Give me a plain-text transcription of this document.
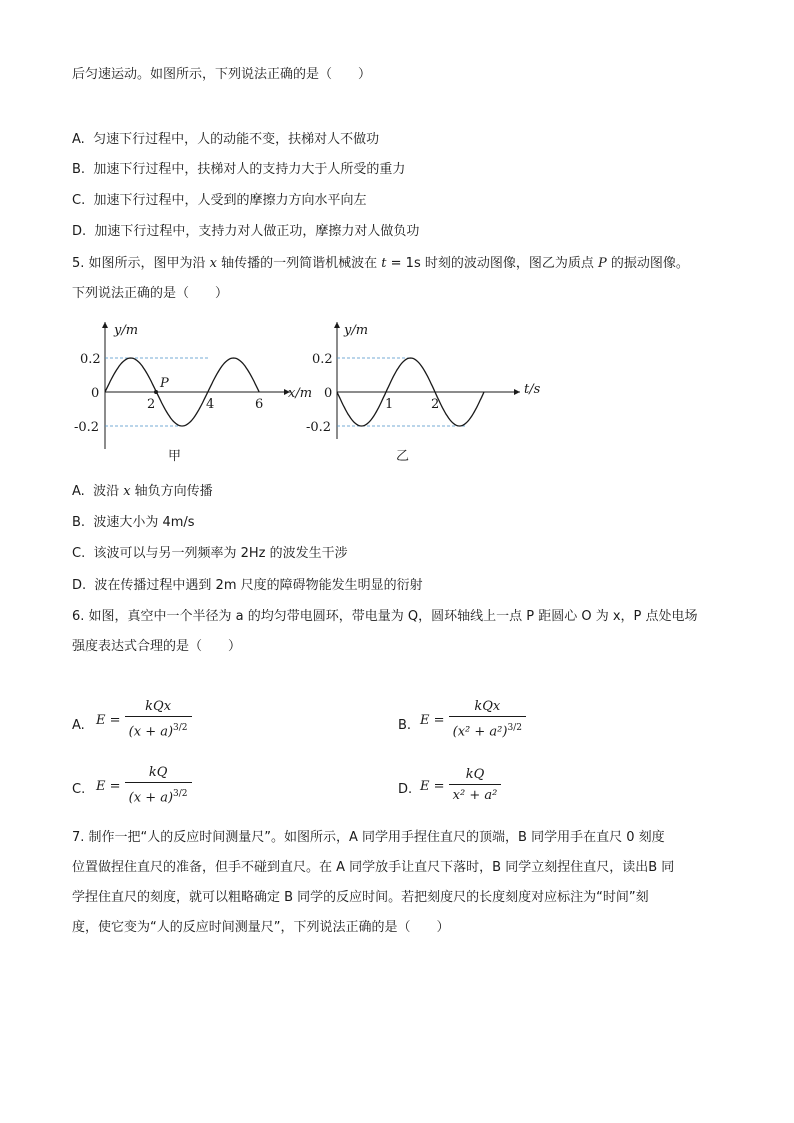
后匀速运动。如图所示，下列说法正确的是（　　）
A. 匀速下行过程中，人的动能不变，扶梯对人不做功
B. 加速下行过程中，扶梯对人的支持力大于人所受的重力
C. 加速下行过程中，人受到的摩擦力方向水平向左
D. 加速下行过程中，支持力对人做正功，摩擦力对人做负功
5. 如图所示，图甲为沿 x 轴传播的一列简谐机械波在 t = 1s 时刻的波动图像，图乙为质点 P 的振动图像。
下列说法正确的是（　　）
P
y/m
x/m
0.2
0
-0.2
2	4	6
甲
y/m
t/s
0.2
0
-0.2
1	2
乙
A. 波沿 x 轴负方向传播
B. 波速大小为 4m/s
C. 该波可以与另一列频率为 2Hz 的波发生干涉
D. 波在传播过程中遇到 2m 尺度的障碍物能发生明显的衍射
6. 如图，真空中一个半径为 a 的均匀带电圆环，带电量为 Q，圆环轴线上一点 P 距圆心 O 为 x，P 点处电场
强度表达式合理的是（　　）
A. $E = \frac{\text{kQx}}{(x + a)^{3/2}}$	B. $E = \frac{\text{kQx}}{(x^2 + a^2)^{3/2}}$
C. $E = \frac{kQ}{(x + a)^{3/2}}$	D. $E = \frac{kQ}{\text{x² + a²}}$
7. 制作一把“人的反应时间测量尺”。如图所示，A 同学用手捏住直尺的顶端，B 同学用手在直尺 0 刻度
位置做捏住直尺的准备，但手不碰到直尺。在 A 同学放手让直尺下落时，B 同学立刻捏住直尺，读出B 同
学捏住直尺的刻度，就可以粗略确定 B 同学的反应时间。若把刻度尺的长度刻度对应标注为“时间”刻
度，使它变为“人的反应时间测量尺”，下列说法正确的是（　　）
